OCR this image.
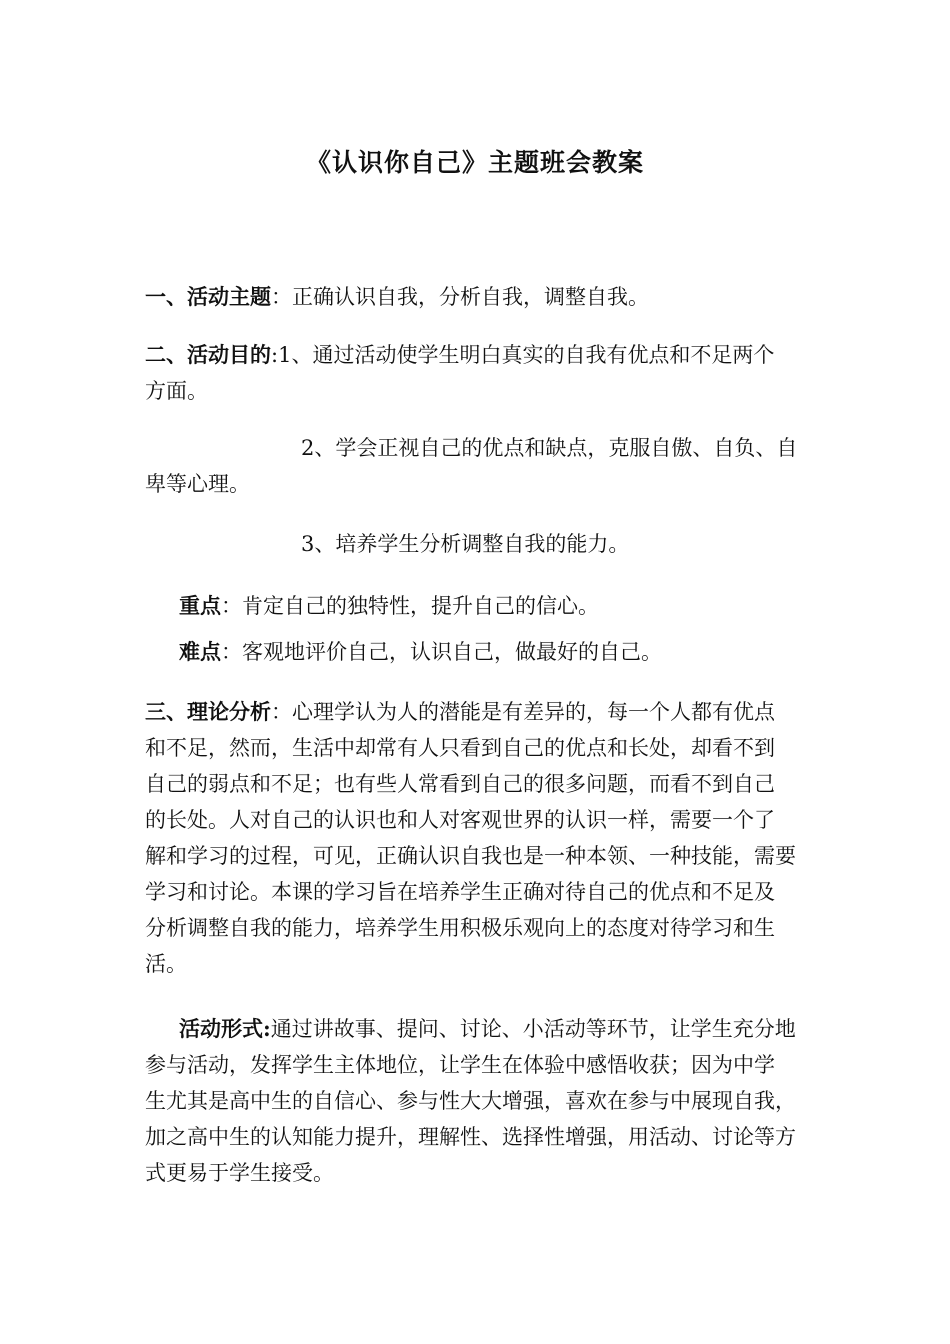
《认识你自己》主题班会教案
一、活动主题：正确认识自我，分析自我，调整自我。
二、活动目的:1、通过活动使学生明白真实的自我有优点和不足两个
方面。
2、学会正视自己的优点和缺点，克服自傲、自负、自
卑等心理。
3、培养学生分析调整自我的能力。
重点：肯定自己的独特性，提升自己的信心。
难点：客观地评价自己，认识自己，做最好的自己。
三、理论分析：心理学认为人的潜能是有差异的，每一个人都有优点
和不足，然而，生活中却常有人只看到自己的优点和长处，却看不到
自己的弱点和不足；也有些人常看到自己的很多问题，而看不到自己
的长处。人对自己的认识也和人对客观世界的认识一样，需要一个了
解和学习的过程，可见，正确认识自我也是一种本领、一种技能，需要
学习和讨论。本课的学习旨在培养学生正确对待自己的优点和不足及
分析调整自我的能力，培养学生用积极乐观向上的态度对待学习和生
活。
活动形式:通过讲故事、提问、讨论、小活动等环节，让学生充分地
参与活动，发挥学生主体地位，让学生在体验中感悟收获；因为中学
生尤其是高中生的自信心、参与性大大增强，喜欢在参与中展现自我，
加之高中生的认知能力提升，理解性、选择性增强，用活动、讨论等方
式更易于学生接受。
